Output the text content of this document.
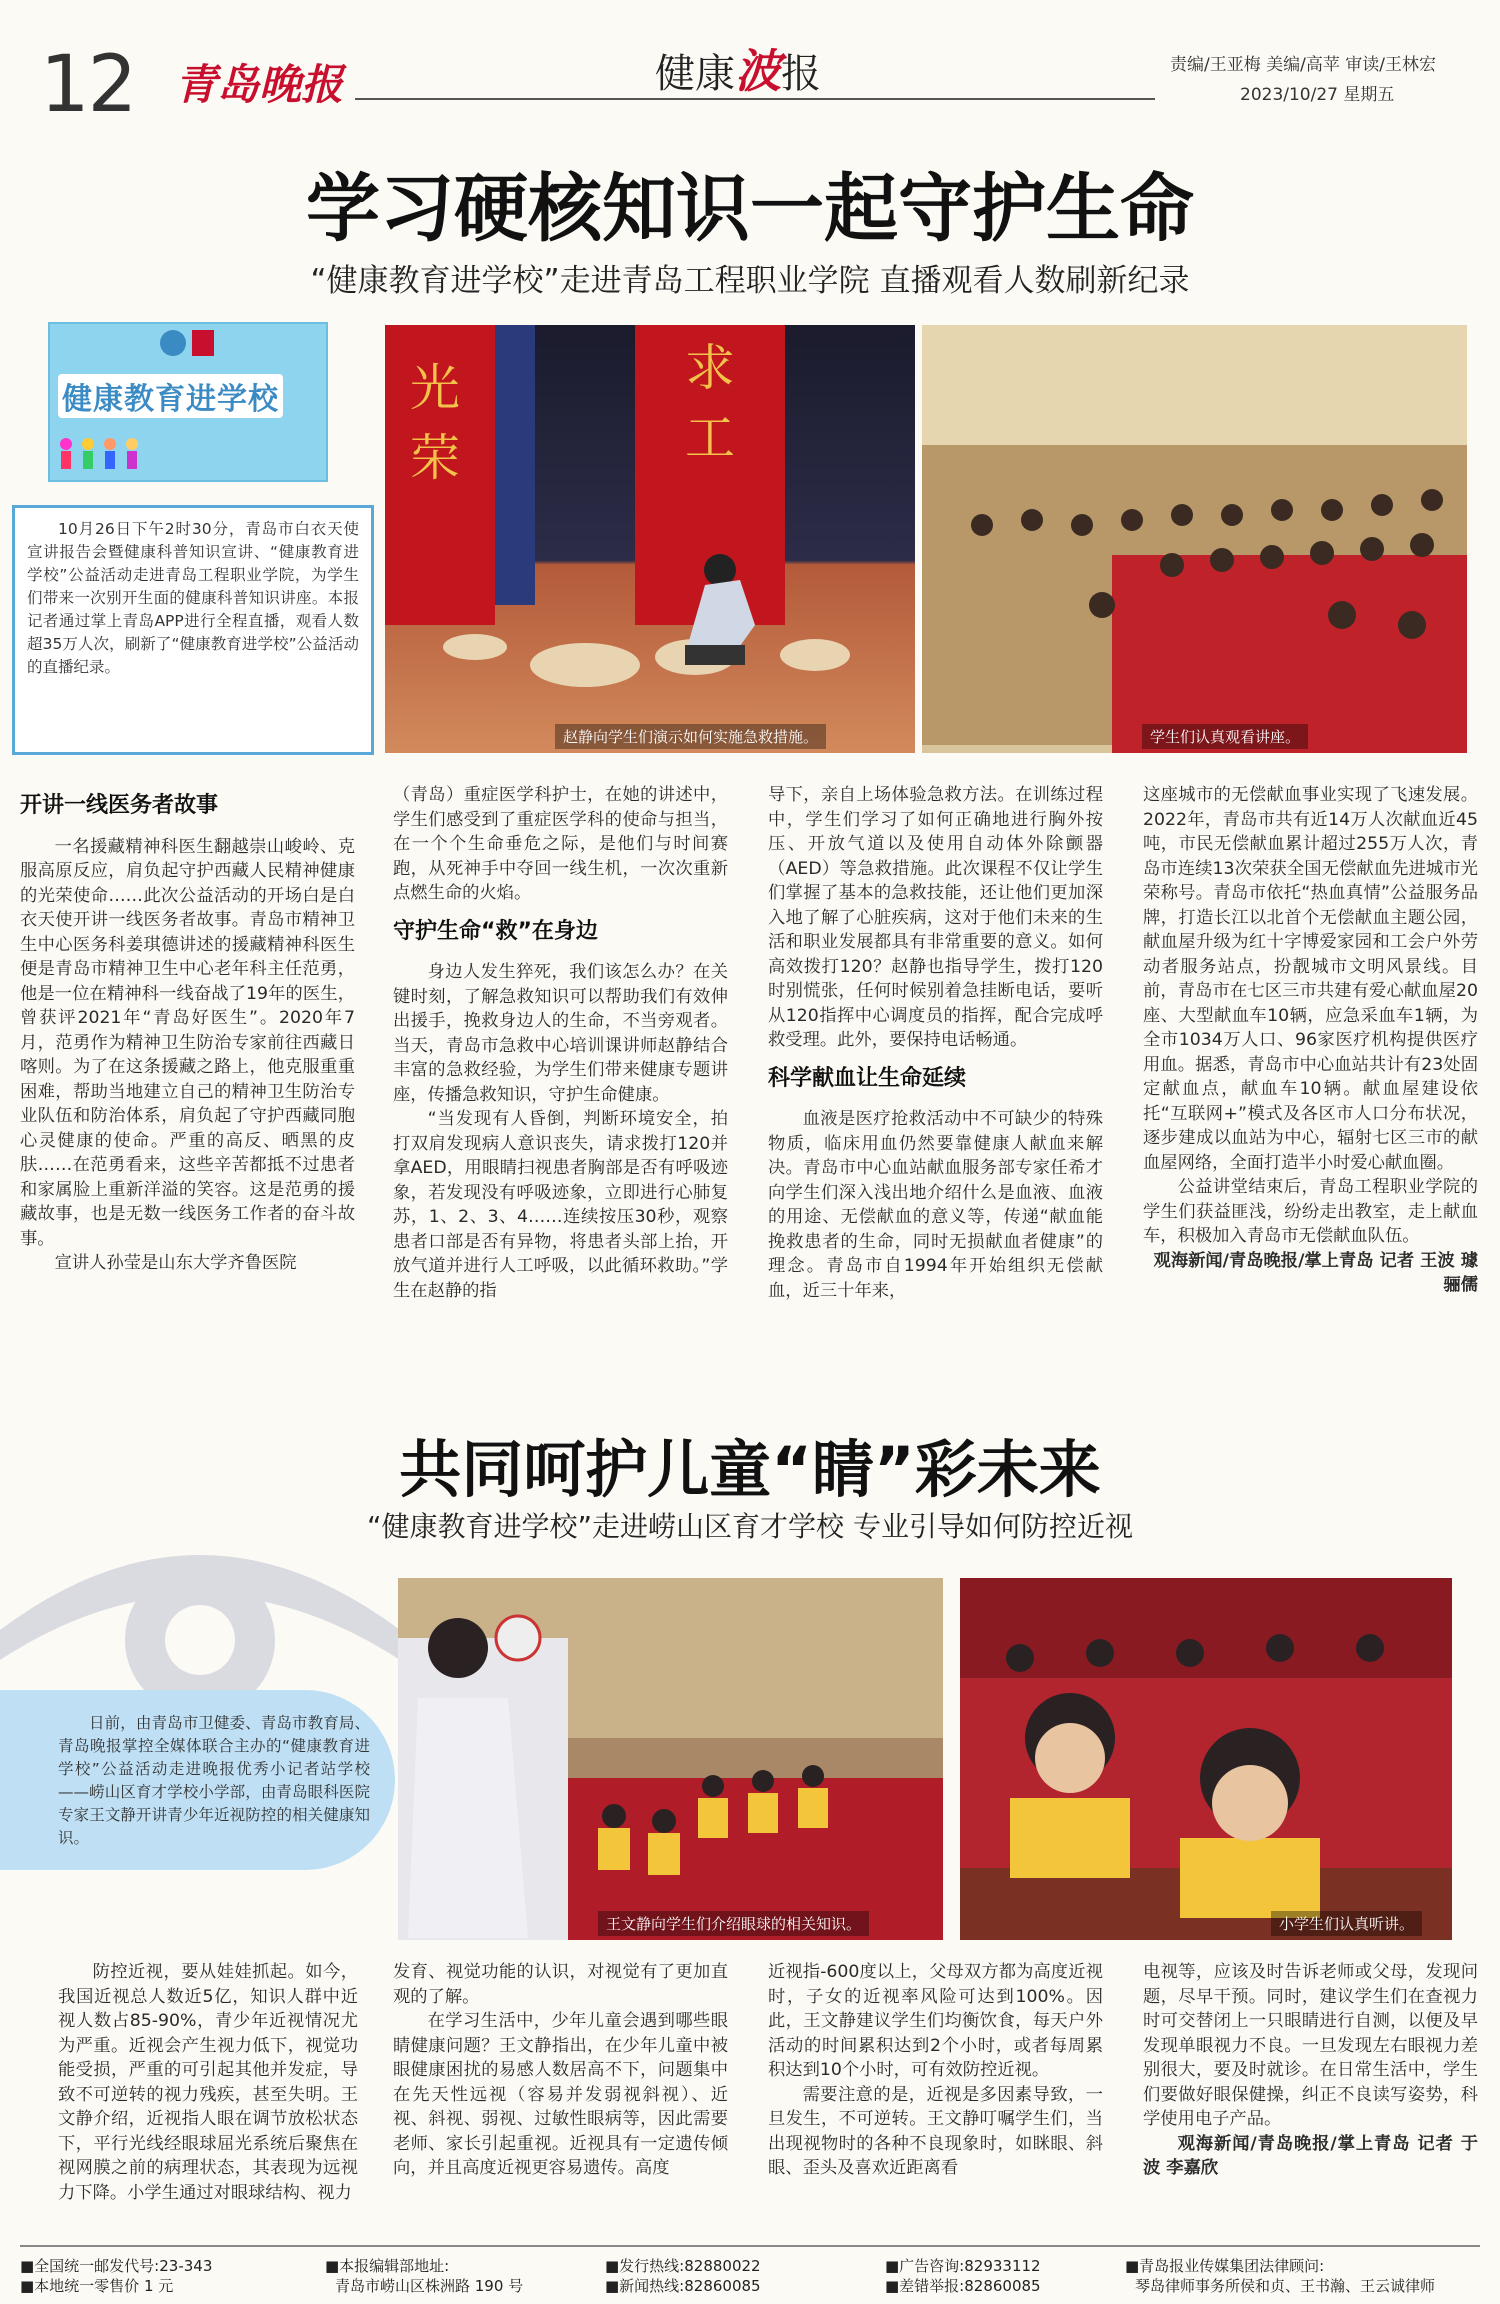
12 青岛晚报	健康波报	责编/王亚梅 美编/高苹 审读/王林宏
2023/10/27 星期五
学习硬核知识一起守护生命
“健康教育进学校”走进青岛工程职业学院 直播观看人数刷新纪录
健康教育进学校
10月26日下午2时30分，青岛市白衣天使宣讲报告会暨健康科普知识宣讲、“健康教育进学校”公益活动走进青岛工程职业学院，为学生们带来一次别开生面的健康科普知识讲座。本报记者通过掌上青岛APP进行全程直播，观看人数超35万人次，刷新了“健康教育进学校”公益活动的直播纪录。
光
荣
求
工
赵静向学生们演示如何实施急救措施。	学生们认真观看讲座。
开讲一线医务者故事

一名援藏精神科医生翻越崇山峻岭、克服高原反应，肩负起守护西藏人民精神健康的光荣使命……此次公益活动的开场白是白衣天使开讲一线医务者故事。青岛市精神卫生中心医务科姜琪德讲述的援藏精神科医生便是青岛市精神卫生中心老年科主任范勇，他是一位在精神科一线奋战了19年的医生，曾获评2021年“青岛好医生”。2020年7月，范勇作为精神卫生防治专家前往西藏日喀则。为了在这条援藏之路上，他克服重重困难，帮助当地建立自己的精神卫生防治专业队伍和防治体系，肩负起了守护西藏同胞心灵健康的使命。严重的高反、晒黑的皮肤……在范勇看来，这些辛苦都抵不过患者和家属脸上重新洋溢的笑容。这是范勇的援藏故事，也是无数一线医务工作者的奋斗故事。

宣讲人孙莹是山东大学齐鲁医院

（青岛）重症医学科护士，在她的讲述中，学生们感受到了重症医学科的使命与担当，在一个个生命垂危之际，是他们与时间赛跑，从死神手中夺回一线生机，一次次重新点燃生命的火焰。

守护生命“救”在身边

身边人发生猝死，我们该怎么办？在关键时刻，了解急救知识可以帮助我们有效伸出援手，挽救身边人的生命，不当旁观者。当天，青岛市急救中心培训课讲师赵静结合丰富的急救经验，为学生们带来健康专题讲座，传播急救知识，守护生命健康。

“当发现有人昏倒，判断环境安全，拍打双肩发现病人意识丧失，请求拨打120并拿AED，用眼睛扫视患者胸部是否有呼吸迹象，若发现没有呼吸迹象，立即进行心肺复苏，1、2、3、4……连续按压30秒，观察患者口部是否有异物，将患者头部上抬，开放气道并进行人工呼吸，以此循环救助。”学生在赵静的指

导下，亲自上场体验急救方法。在训练过程中，学生们学习了如何正确地进行胸外按压、开放气道以及使用自动体外除颤器（AED）等急救措施。此次课程不仅让学生们掌握了基本的急救技能，还让他们更加深入地了解了心脏疾病，这对于他们未来的生活和职业发展都具有非常重要的意义。如何高效拨打120？赵静也指导学生，拨打120时别慌张，任何时候别着急挂断电话，要听从120指挥中心调度员的指挥，配合完成呼救受理。此外，要保持电话畅通。

科学献血让生命延续

血液是医疗抢救活动中不可缺少的特殊物质，临床用血仍然要靠健康人献血来解决。青岛市中心血站献血服务部专家任希才向学生们深入浅出地介绍什么是血液、血液的用途、无偿献血的意义等，传递“献血能挽救患者的生命，同时无损献血者健康”的理念。青岛市自1994年开始组织无偿献血，近三十年来，

这座城市的无偿献血事业实现了飞速发展。2022年，青岛市共有近14万人次献血近45吨，市民无偿献血累计超过255万人次，青岛市连续13次荣获全国无偿献血先进城市光荣称号。青岛市依托“热血真情”公益服务品牌，打造长江以北首个无偿献血主题公园，献血屋升级为红十字博爱家园和工会户外劳动者服务站点，扮靓城市文明风景线。目前，青岛市在七区三市共建有爱心献血屋20座、大型献血车10辆，应急采血车1辆，为全市1034万人口、96家医疗机构提供医疗用血。据悉，青岛市中心血站共计有23处固定献血点，献血车10辆。献血屋建设依托“互联网+”模式及各区市人口分布状况，逐步建成以血站为中心，辐射七区三市的献血屋网络，全面打造半小时爱心献血圈。

公益讲堂结束后，青岛工程职业学院的学生们获益匪浅，纷纷走出教室，走上献血车，积极加入青岛市无偿献血队伍。

观海新闻/青岛晚报/掌上青岛 记者 王波 璩骊儒
共同呵护儿童“睛”彩未来
“健康教育进学校”走进崂山区育才学校 专业引导如何防控近视
日前，由青岛市卫健委、青岛市教育局、青岛晚报掌控全媒体联合主办的“健康教育进学校”公益活动走进晚报优秀小记者站学校——崂山区育才学校小学部，由青岛眼科医院专家王文静开讲青少年近视防控的相关健康知识。
王文静向学生们介绍眼球的相关知识。	小学生们认真听讲。

防控近视，要从娃娃抓起。如今，我国近视总人数近5亿，知识人群中近视人数占85-90%，青少年近视情况尤为严重。近视会产生视力低下，视觉功能受损，严重的可引起其他并发症，导致不可逆转的视力残疾，甚至失明。王文静介绍，近视指人眼在调节放松状态下，平行光线经眼球屈光系统后聚焦在视网膜之前的病理状态，其表现为远视力下降。小学生通过对眼球结构、视力

发育、视觉功能的认识，对视觉有了更加直观的了解。

在学习生活中，少年儿童会遇到哪些眼睛健康问题？王文静指出，在少年儿童中被眼健康困扰的易感人数居高不下，问题集中在先天性远视（容易并发弱视斜视）、近视、斜视、弱视、过敏性眼病等，因此需要老师、家长引起重视。近视具有一定遗传倾向，并且高度近视更容易遗传。高度

近视指-600度以上，父母双方都为高度近视时，子女的近视率风险可达到100%。因此，王文静建议学生们均衡饮食，每天户外活动的时间累积达到2个小时，或者每周累积达到10个小时，可有效防控近视。

需要注意的是，近视是多因素导致，一旦发生，不可逆转。王文静叮嘱学生们，当出现视物时的各种不良现象时，如眯眼、斜眼、歪头及喜欢近距离看

电视等，应该及时告诉老师或父母，发现问题，尽早干预。同时，建议学生们在查视力时可交替闭上一只眼睛进行自测，以便及早发现单眼视力不良。一旦发现左右眼视力差别很大，要及时就诊。在日常生活中，学生们要做好眼保健操，纠正不良读写姿势，科学使用电子产品。

观海新闻/青岛晚报/掌上青岛 记者 于波 李嘉欣
■全国统一邮发代号:23-343
■本地统一零售价 1 元
■本报编辑部地址:
青岛市崂山区株洲路 190 号
■发行热线:82880022
■新闻热线:82860085
■广告咨询:82933112
■差错举报:82860085
■青岛报业传媒集团法律顾问:
琴岛律师事务所侯和贞、王书瀚、王云诚律师
